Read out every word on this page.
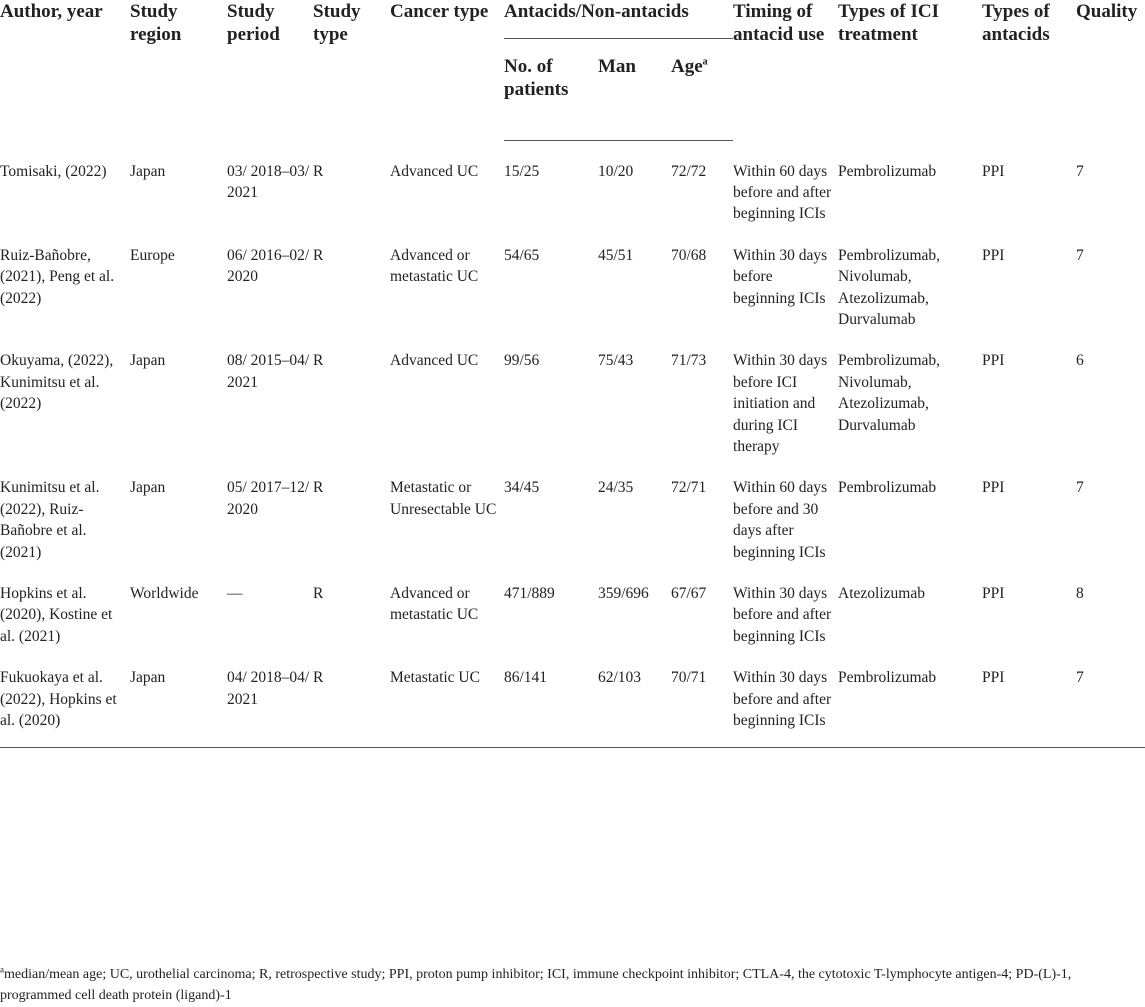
Author, year	Study region	Study period	Study type	Cancer type	Antacids/Non-antacids			Timing of antacid use	Types of ICI treatment	Types of antacids	Quality
					No. of patients	Man	Age$^a$
Tomisaki, (2022)	Japan	03/ 2018–03/ 2021	R	Advanced UC	15/25	10/20	72/72	Within 60 days before and after beginning ICIs	Pembrolizumab	PPI	7
Ruiz-Bañobre, (2021), Peng et al. (2022)	Europe	06/ 2016–02/ 2020	R	Advanced or metastatic UC	54/65	45/51	70/68	Within 30 days before beginning ICIs	Pembrolizumab, Nivolumab, Atezolizumab, Durvalumab	PPI	7
Okuyama, (2022), Kunimitsu et al. (2022)	Japan	08/ 2015–04/ 2021	R	Advanced UC	99/56	75/43	71/73	Within 30 days before ICI initiation and during ICI therapy	Pembrolizumab, Nivolumab, Atezolizumab, Durvalumab	PPI	6
Kunimitsu et al. (2022), Ruiz-Bañobre et al. (2021)	Japan	05/ 2017–12/ 2020	R	Metastatic or Unresectable UC	34/45	24/35	72/71	Within 60 days before and 30 days after beginning ICIs	Pembrolizumab	PPI	7
Hopkins et al. (2020), Kostine et al. (2021)	Worldwide	—	R	Advanced or metastatic UC	471/889	359/696	67/67	Within 30 days before and after beginning ICIs	Atezolizumab	PPI	8
Fukuokaya et al. (2022), Hopkins et al. (2020)	Japan	04/ 2018–04/ 2021	R	Metastatic UC	86/141	62/103	70/71	Within 30 days before and after beginning ICIs	Pembrolizumab	PPI	7
$^a$median/mean age; UC, urothelial carcinoma; R, retrospective study; PPI, proton pump inhibitor; ICI, immune checkpoint inhibitor; CTLA-4, the cytotoxic T-lymphocyte antigen-4; PD-(L)-1, programmed cell death protein (ligand)-1
